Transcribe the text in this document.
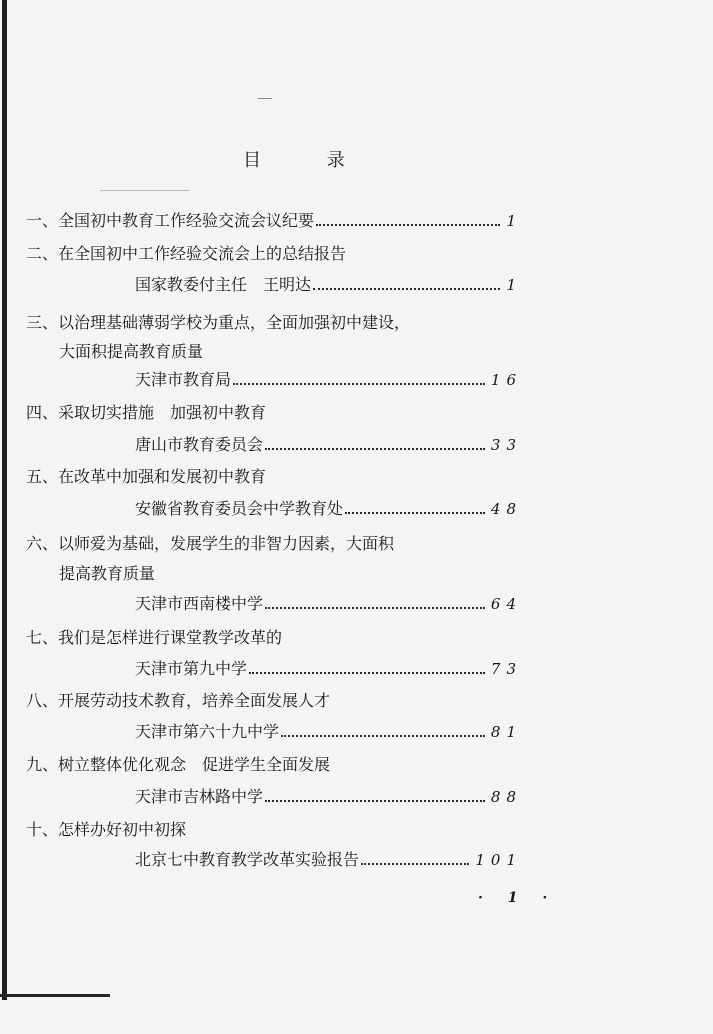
目 录
一、全国初中教育工作经验交流会议纪要	1
二、在全国初中工作经验交流会上的总结报告
国家教委付主任　王明达	1
三、以治理基础薄弱学校为重点，全面加强初中建设，
大面积提高教育质量
天津市教育局	16
四、采取切实措施　加强初中教育
唐山市教育委员会	33
五、在改革中加强和发展初中教育
安徽省教育委员会中学教育处	48
六、以师爱为基础，发展学生的非智力因素，大面积
提高教育质量
天津市西南楼中学	64
七、我们是怎样进行课堂教学改革的
天津市第九中学	73
八、开展劳动技术教育，培养全面发展人才
天津市第六十九中学	81
九、树立整体优化观念　促进学生全面发展
天津市吉林路中学	88
十、怎样办好初中初探
北京七中教育教学改革实验报告	101
· 1 ·
